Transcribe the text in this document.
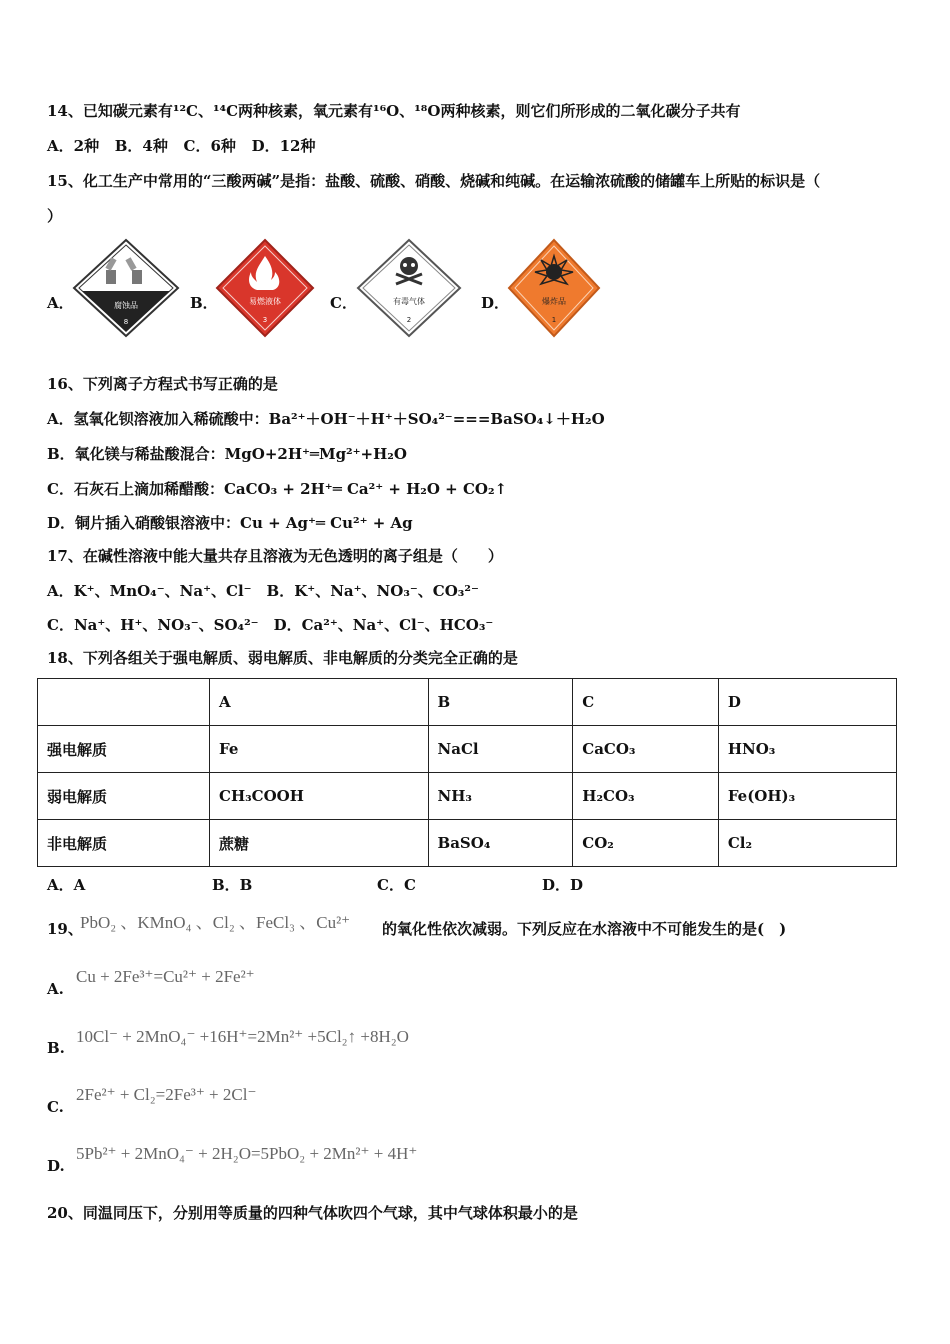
14、已知碳元素有¹²C、¹⁴C两种核素，氧元素有¹⁶O、¹⁸O两种核素，则它们所形成的二氧化碳分子共有
A．2种 B．4种 C．6种 D．12种
15、化工生产中常用的“三酸两碱”是指：盐酸、硫酸、硝酸、烧碱和纯碱。在运输浓硫酸的储罐车上所贴的标识是（
）
A．	腐蚀品
8
B．	易燃液体
3
C．	有毒气体
2
D．	爆炸品
1
16、下列离子方程式书写正确的是
A．氢氧化钡溶液加入稀硫酸中：Ba²⁺＋OH⁻＋H⁺＋SO₄²⁻===BaSO₄↓＋H₂O
B．氧化镁与稀盐酸混合：MgO+2H⁺═Mg²⁺+H₂O
C．石灰石上滴加稀醋酸：CaCO₃ + 2H⁺═ Ca²⁺ + H₂O + CO₂↑
D．铜片插入硝酸银溶液中：Cu + Ag⁺═ Cu²⁺ + Ag
17、在碱性溶液中能大量共存且溶液为无色透明的离子组是（　　）
A．K⁺、MnO₄⁻、Na⁺、Cl⁻　B．K⁺、Na⁺、NO₃⁻、CO₃²⁻
C．Na⁺、H⁺、NO₃⁻、SO₄²⁻　D．Ca²⁺、Na⁺、Cl⁻、HCO₃⁻
18、下列各组关于强电解质、弱电解质、非电解质的分类完全正确的是
	A	B	C	D
强电解质	Fe	NaCl	CaCO₃	HNO₃
弱电解质	CH₃COOH	NH₃	H₂CO₃	Fe(OH)₃
非电解质	蔗糖	BaSO₄	CO₂	Cl₂
A．A	B．B	C．C	D．D
19、
PbO₂ 、KMnO₄ 、Cl₂ 、FeCl₃ 、Cu²⁺ 的氧化性依次减弱。下列反应在水溶液中不可能发生的是(　)
A.
Cu + 2Fe³⁺=Cu²⁺ + 2Fe²⁺
B.
10Cl⁻ + 2MnO₄⁻ +16H⁺=2Mn²⁺ +5Cl₂↑ +8H₂O
C.
2Fe²⁺ + Cl₂=2Fe³⁺ + 2Cl⁻
D.
5Pb²⁺ + 2MnO₄⁻ + 2H₂O=5PbO₂ + 2Mn²⁺ + 4H⁺
20、同温同压下，分别用等质量的四种气体吹四个气球，其中气球体积最小的是
